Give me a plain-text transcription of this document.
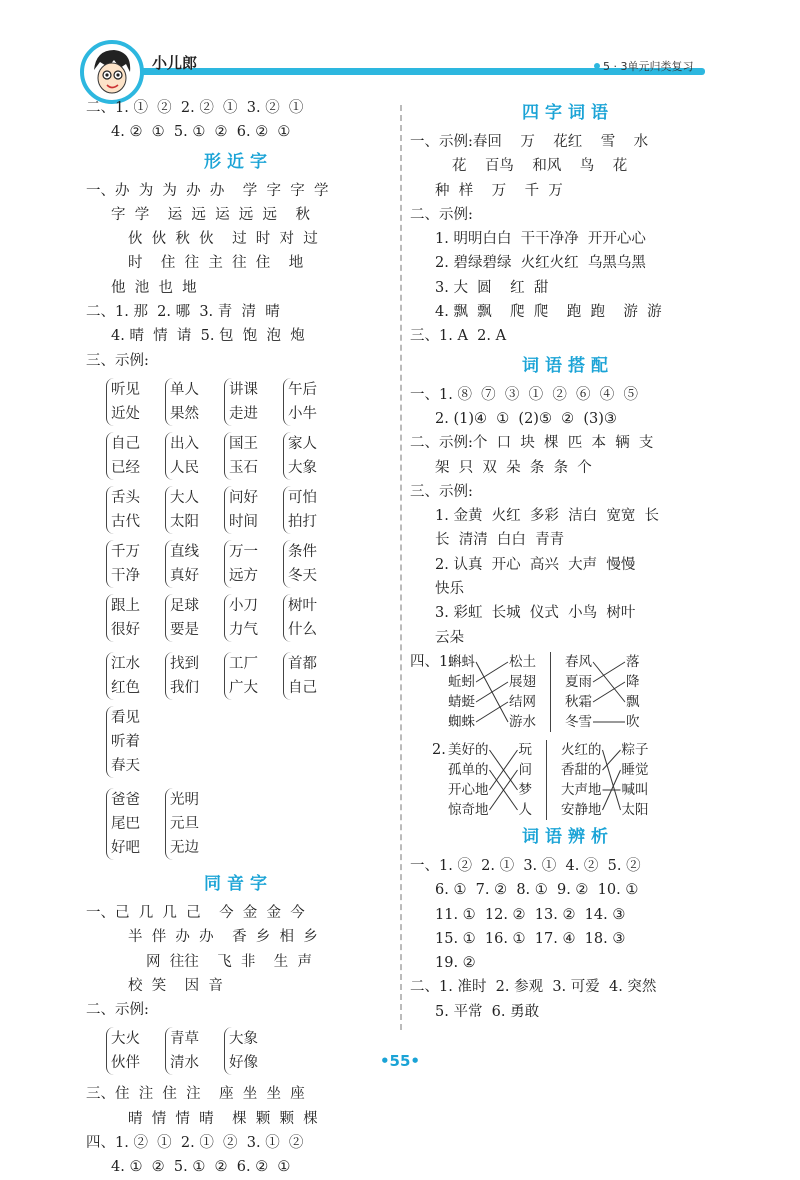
小儿郎	5 · 3单元归类复习
二、1. ①  ②  2. ②  ①  3. ②  ①
4. ②  ①  5. ①  ②  6. ②  ①
形近字
一、办  为  为  办  办    学  字  字  学
字  学    运  远  运  远  远    秋
伙  伙  秋  伙    过  时  对  过
时    住  往  主  往  住    地
他  池  也  地
二、1. 那  2. 哪  3. 青  清  晴
4. 晴  情  请  5. 包  饱  泡  炮
三、示例:
听见
近处
单人
果然
讲课
走进
午后
小牛
自己
已经
出入
人民
国王
玉石
家人
大象
舌头
古代
大人
太阳
问好
时间
可怕
拍打
千万
干净
直线
真好
万一
远方
条件
冬天
跟上
很好
足球
要是
小刀
力气
树叶
什么
江水
红色
找到
我们
工厂
广大
首都
自己
看见
听着
春天
爸爸
尾巴
好吧
光明
元旦
无边
同音字
一、己  几  几  己    今  金  金  今
半  伴  办  办    香  乡  相  乡
网  往往    飞  非    生  声
校  笑    因  音
二、示例:
大火
伙伴
青草
清水
大象
好像
三、住  注  住  注    座  坐  坐  座
晴  情  情  晴    棵  颗  颗  棵
四、1. ②  ①  2. ①  ②  3. ①  ②
4. ①  ②  5. ①  ②  6. ②  ①
四字词语
一、示例:春回    万    花红    雪    水
花    百鸟    和风    鸟    花
种  样    万    千  万
二、示例:
1. 明明白白  干干净净  开开心心
2. 碧绿碧绿  火红火红  乌黑乌黑
3. 大  圆    红  甜
4. 飘  飘    爬  爬    跑  跑    游  游
三、1. A  2. A
词语搭配
一、1. ⑧  ⑦  ③  ①  ②  ⑥  ④  ⑤
2. (1)④  ①  (2)⑤  ②  (3)③
二、示例:个  口  块  棵  匹  本  辆  支
架  只  双  朵  条  条  个
三、示例:
1. 金黄  火红  多彩  洁白  宽宽  长
长  清清  白白  青青
2. 认真  开心  高兴  大声  慢慢
快乐
3. 彩虹  长城  仪式  小鸟  树叶
云朵
四、1.
蝌蚪
蚯蚓
蜻蜓
蜘蛛
松土
展翅
结网
游水
春风
夏雨
秋霜
冬雪
落
降
飘
吹
2. 美好的
孤单的
开心地
惊奇地
玩
问
梦
人
火红的
香甜的
大声地
安静地
粽子
睡觉
喊叫
太阳
词语辨析
一、1. ②  2. ①  3. ①  4. ②  5. ②
6. ①  7. ②  8. ①  9. ②  10. ①
11. ①  12. ②  13. ②  14. ③
15. ①  16. ①  17. ④  18. ③
19. ②
二、1. 准时  2. 参观  3. 可爱  4. 突然
5. 平常  6. 勇敢
•55•
